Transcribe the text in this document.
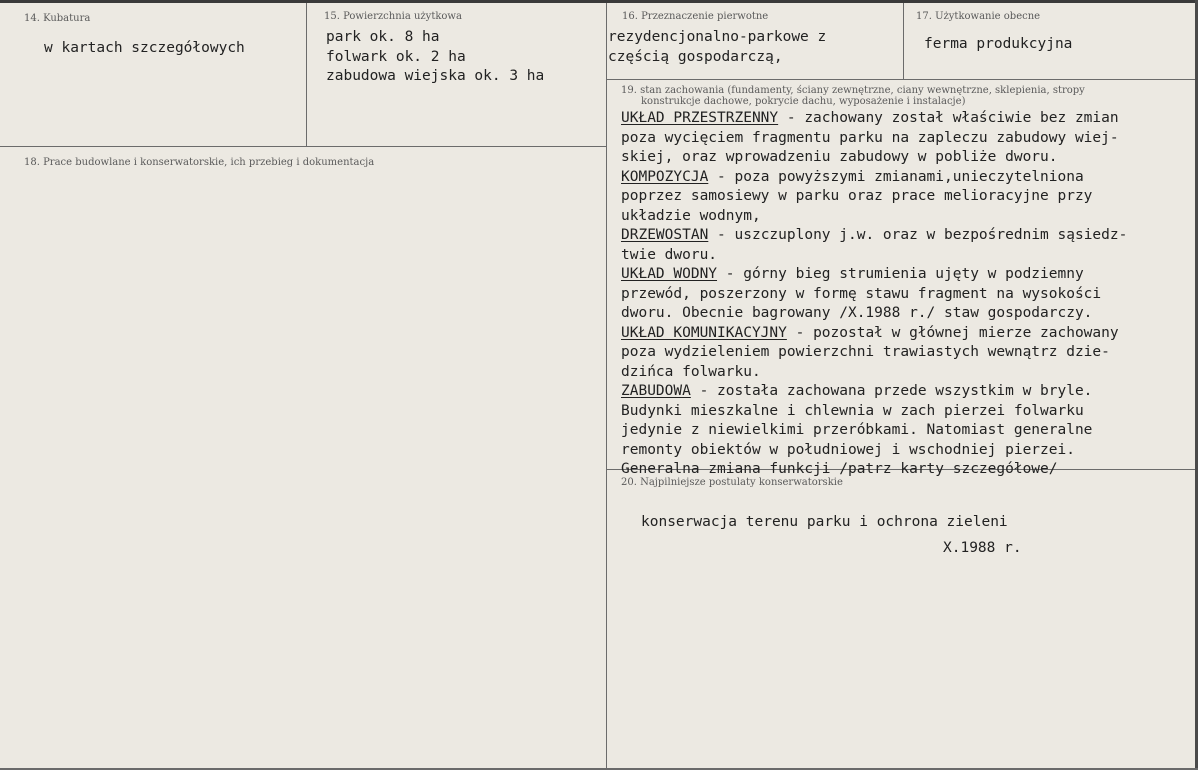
14. Kubatura
w kartach szczegółowych
15. Powierzchnia użytkowa
park ok. 8 ha
folwark ok. 2 ha
zabudowa wiejska ok. 3 ha
16. Przeznaczenie pierwotne
rezydencjonalno-parkowe z
częścią gospodarczą,
17. Użytkowanie obecne
ferma produkcyjna
18. Prace budowlane i konserwatorskie, ich przebieg i dokumentacja
19. stan zachowania (fundamenty, ściany zewnętrzne, ciany wewnętrzne, sklepienia, stropy
konstrukcje dachowe, pokrycie dachu, wyposażenie i instalacje)
UKŁAD PRZESTRZENNY - zachowany został właściwie bez zmian
poza wycięciem fragmentu parku na zapleczu zabudowy wiej-
skiej, oraz wprowadzeniu zabudowy w pobliże dworu.
KOMPOZYCJA - poza powyższymi zmianami,unieczytelniona
poprzez samosiewy w parku oraz prace melioracyjne przy
układzie wodnym,
DRZEWOSTAN - uszczuplony j.w. oraz w bezpośrednim sąsiedz-
twie dworu.
UKŁAD WODNY - górny bieg strumienia ujęty w podziemny
przewód, poszerzony w formę stawu fragment na wysokości
dworu. Obecnie bagrowany /X.1988 r./ staw gospodarczy.
UKŁAD KOMUNIKACYJNY - pozostał w głównej mierze zachowany
poza wydzieleniem powierzchni trawiastych wewnątrz dzie-
dzińca folwarku.
ZABUDOWA - została zachowana przede wszystkim w bryle.
Budynki mieszkalne i chlewnia w zach pierzei folwarku
jedynie z niewielkimi przeróbkami. Natomiast generalne
remonty obiektów w południowej i wschodniej pierzei.
Generalna zmiana funkcji /patrz karty szczegółowe/
20. Najpilniejsze postulaty konserwatorskie
konserwacja terenu parku i ochrona zieleni
X.1988 r.
